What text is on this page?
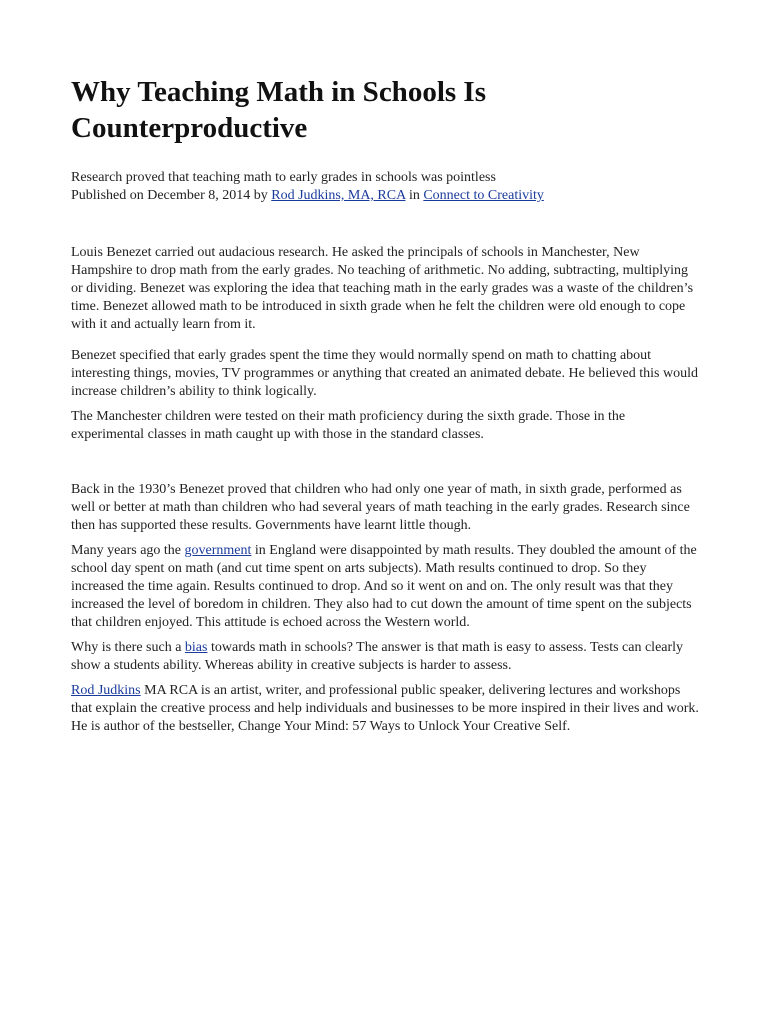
Why Teaching Math in Schools Is Counterproductive

Research proved that teaching math to early grades in schools was pointless

Published on December 8, 2014 by Rod Judkins, MA, RCA in Connect to Creativity

Louis Benezet carried out audacious research. He asked the principals of schools in Manchester, New Hampshire to drop math from the early grades. No teaching of arithmetic. No adding, subtracting, multiplying or dividing. Benezet was exploring the idea that teaching math in the early grades was a waste of the children’s time. Benezet allowed math to be introduced in sixth grade when he felt the children were old enough to cope with it and actually learn from it.

Benezet specified that early grades spent the time they would normally spend on math to chatting about interesting things, movies, TV programmes or anything that created an animated debate. He believed this would increase children’s ability to think logically.

The Manchester children were tested on their math proficiency during the sixth grade. Those in the experimental classes in math caught up with those in the standard classes.

Back in the 1930’s Benezet proved that children who had only one year of math, in sixth grade, performed as well or better at math than children who had several years of math teaching in the early grades. Research since then has supported these results. Governments have learnt little though.

Many years ago the government in England were disappointed by math results. They doubled the amount of the school day spent on math (and cut time spent on arts subjects). Math results continued to drop. So they increased the time again. Results continued to drop. And so it went on and on. The only result was that they increased the level of boredom in children. They also had to cut down the amount of time spent on the subjects that children enjoyed. This attitude is echoed across the Western world.

Why is there such a bias towards math in schools? The answer is that math is easy to assess. Tests can clearly show a students ability. Whereas ability in creative subjects is harder to assess.

Rod Judkins MA RCA is an artist, writer, and professional public speaker, delivering lectures and workshops that explain the creative process and help individuals and businesses to be more inspired in their lives and work. He is author of the bestseller, Change Your Mind: 57 Ways to Unlock Your Creative Self.
